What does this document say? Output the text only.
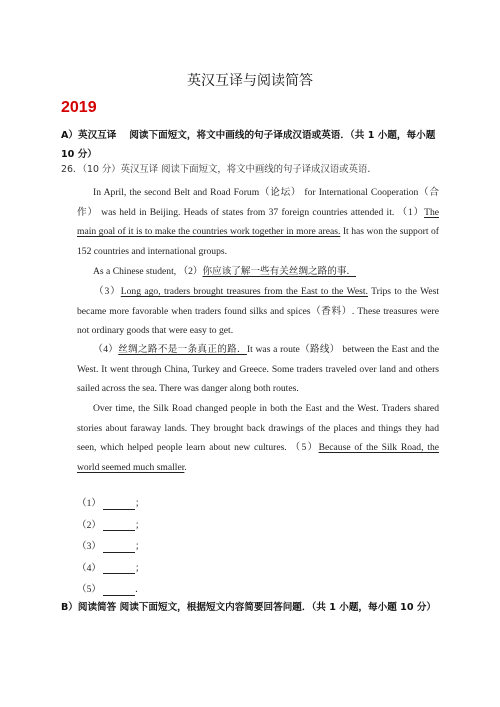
英汉互译与阅读简答
2019
A）英汉互译　 阅读下面短文，将文中画线的句子译成汉语或英语．（共 1 小题，每小题 10 分）
26．（10 分）英汉互译 阅读下面短文，将文中画线的句子译成汉语或英语．
In April, the second Belt and Road Forum（论坛） for International Cooperation（合作） was held in Beijing. Heads of states from 37 foreign countries attended it. （1）The main goal of it is to make the countries work together in more areas. It has won the support of 152 countries and international groups.
As a Chinese student, （2）你应该了解一些有关丝绸之路的事．
（3）Long ago, traders brought treasures from the East to the West. Trips to the West became more favorable when traders found silks and spices（香料）. These treasures were not ordinary goods that were easy to get.
（4）丝绸之路不是一条真正的路．It was a route（路线） between the East and the West. It went through China, Turkey and Greece. Some traders traveled over land and others sailed across the sea. There was danger along both routes.
Over time, the Silk Road changed people in both the East and the West. Traders shared stories about faraway lands. They brought back drawings of the places and things they had seen, which helped people learn about new cultures. （5）Because of the Silk Road, the world seemed much smaller.
（1）	；
（2）	；
（3）	；
（4）	；
（5）	．
B）阅读简答 阅读下面短文，根据短文内容简要回答问题．（共 1 小题，每小题 10 分）
